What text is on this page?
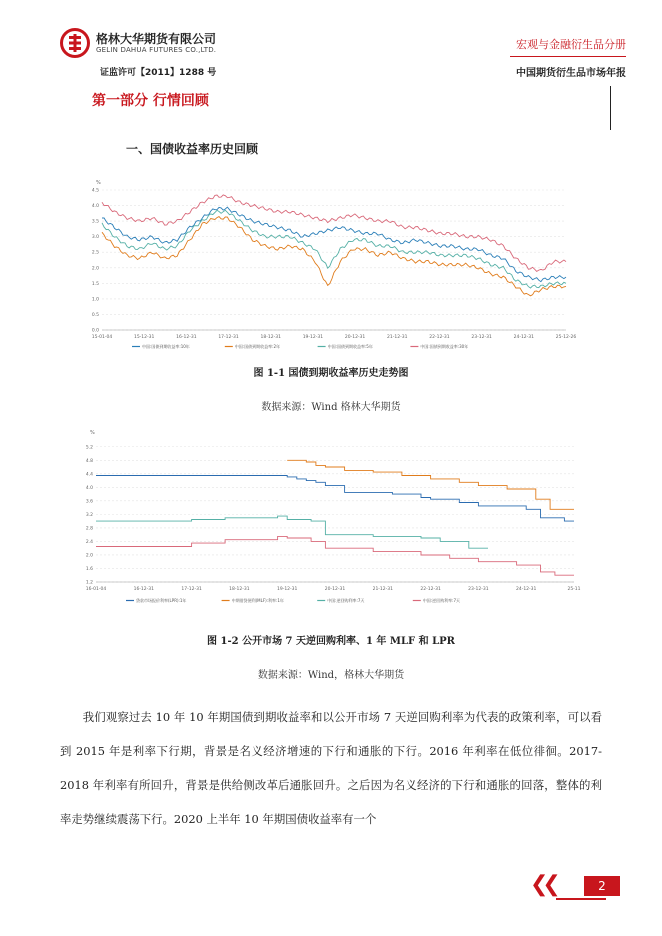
格林大华期货有限公司
GELIN DAHUA FUTURES CO.,LTD.
证监许可【2011】1288 号
宏观与金融衍生品分册
中国期货衍生品市场年报
第一部分 行情回顾
一、国债收益率历史回顾
%
0.0
0.5
1.0
1.5
2.0
2.5
3.0
3.5
4.0
4.5
15-01-04	15-12-31	16-12-31	17-12-31	18-12-31	19-12-31	20-12-31	21-12-31	22-12-31	23-12-31	24-12-31	25-12-26
中国:国债到期收益率:10年	中国:国债到期收益率:2年	中国:国债到期收益率:5年	中国:国债到期收益率:30年
图 1-1 国债到期收益率历史走势图
数据来源：Wind 格林大华期货
%
1.2
1.6
2.0
2.4
2.8
3.2
3.6
4.0
4.4
4.8
5.2
16-01-04	16-12-31	17-12-31	18-12-31	19-12-31	20-12-31	21-12-31	22-12-31	23-12-31	24-12-31	25-11
贷款市场报价利率(LPR):1年	中期借贷便利(MLF):利率:1年	中国:逆回购利率:7天	中国:逆回购利率:7天
图 1-2 公开市场 7 天逆回购利率、1 年 MLF 和 LPR
数据来源：Wind，格林大华期货

我们观察过去 10 年 10 年期国债到期收益率和以公开市场 7 天逆回购利率为代表的政策利率，可以看到 2015 年是利率下行期，背景是名义经济增速的下行和通胀的下行。2016 年利率在低位徘徊。2017-2018 年利率有所回升，背景是供给侧改革后通胀回升。之后因为名义经济的下行和通胀的回落，整体的利率走势继续震荡下行。2020 上半年 10 年期国债收益率有一个

❮❮	2
